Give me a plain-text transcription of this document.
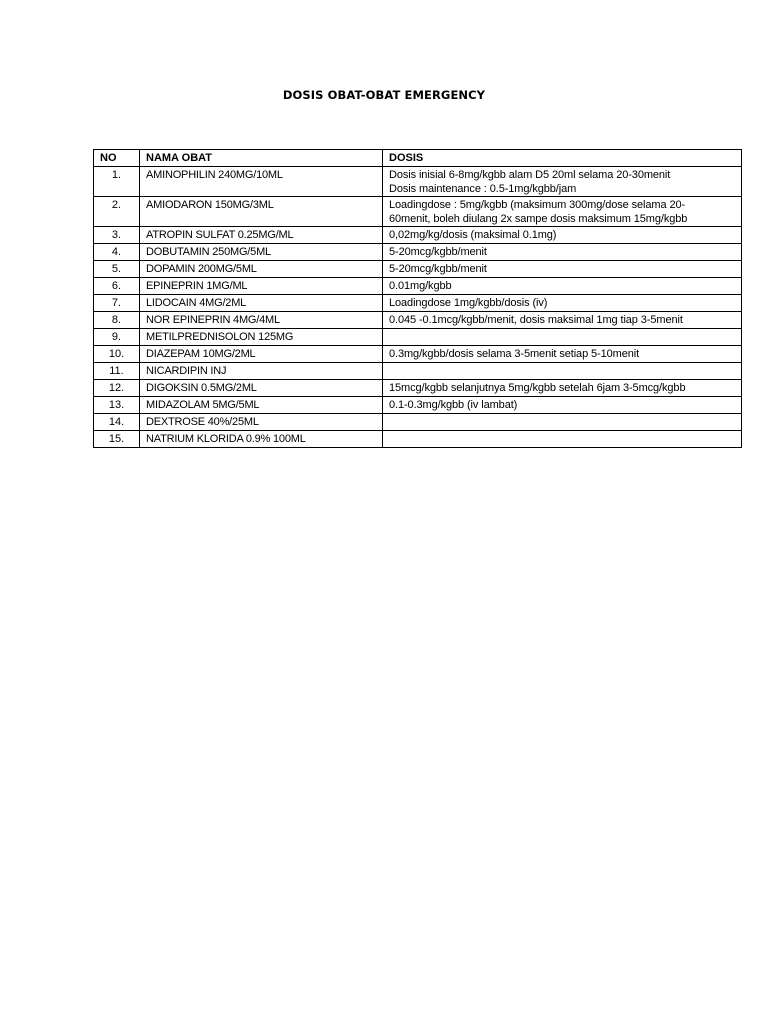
DOSIS OBAT-OBAT EMERGENCY
NO	NAMA OBAT	DOSIS
1.	AMINOPHILIN 240MG/10ML	Dosis inisial 6-8mg/kgbb alam D5 20ml selama 20-30menit
Dosis maintenance : 0.5-1mg/kgbb/jam
2.	AMIODARON 150MG/3ML	Loadingdose : 5mg/kgbb (maksimum 300mg/dose selama 20-
60menit, boleh diulang 2x sampe dosis maksimum 15mg/kgbb
3.	ATROPIN SULFAT 0.25MG/ML	0,02mg/kg/dosis (maksimal 0.1mg)
4.	DOBUTAMIN 250MG/5ML	5-20mcg/kgbb/menit
5.	DOPAMIN 200MG/5ML	5-20mcg/kgbb/menit
6.	EPINEPRIN 1MG/ML	0.01mg/kgbb
7.	LIDOCAIN 4MG/2ML	Loadingdose 1mg/kgbb/dosis (iv)
8.	NOR EPINEPRIN 4MG/4ML	0.045 -0.1mcg/kgbb/menit, dosis maksimal 1mg tiap 3-5menit
9.	METILPREDNISOLON 125MG	
10.	DIAZEPAM 10MG/2ML	0.3mg/kgbb/dosis selama 3-5menit setiap 5-10menit
11.	NICARDIPIN INJ	
12.	DIGOKSIN 0.5MG/2ML	15mcg/kgbb selanjutnya 5mg/kgbb setelah 6jam 3-5mcg/kgbb
13.	MIDAZOLAM 5MG/5ML	0.1-0.3mg/kgbb (iv lambat)
14.	DEXTROSE 40%/25ML	
15.	NATRIUM KLORIDA 0.9% 100ML	
